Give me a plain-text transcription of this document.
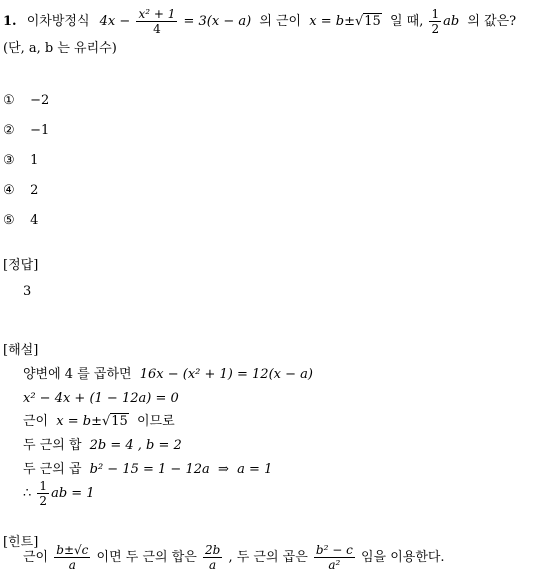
1. 이차방정식 $4x - \frac{\text{x² + 1}}{4} = 3(x - a)$ 의 근이 x = b±√15 일 때, $\frac{1}{2}$ ab 의 값은?
(단, a, b 는 유리수)
① −2
② −1
③ 1
④ 2
⑤ 4
[정답]
3
[해설]
양변에 4 를 곱하면 16x − (x² + 1) = 12(x − a)
x² − 4x + (1 − 12a) = 0
근이 x = b±√15 이므로
두 근의 합 2b = 4 , b = 2
두 근의 곱 b² − 15 = 1 − 12a  ⇒  a = 1
∴ $\frac{1}{2}$ ab = 1
[힌트]
근이 $\frac{b\pm√c}{a}$ 이면 두 근의 합은 $\frac{2b}{a}$ , 두 근의 곱은 $\frac{\text{b² − c}}{\text{a²}}$ 임을 이용한다.
